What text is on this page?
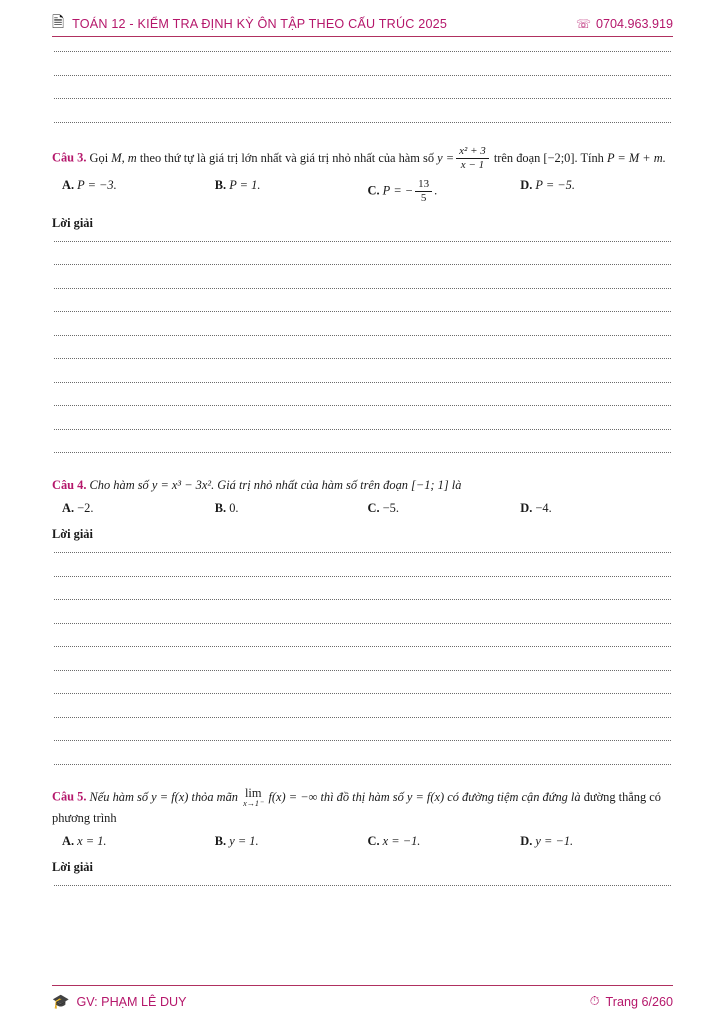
🗎 TOÁN 12 - KIỂM TRA ĐỊNH KỲ ÔN TẬP THEO CẤU TRÚC 2025	☏ 0704.963.919
Câu 3. Gọi M, m theo thứ tự là giá trị lớn nhất và giá trị nhỏ nhất của hàm số $y = \frac{\text{x² + 3}}{x - 1}$ trên đoạn [−2;0]. Tính P = M + m.
A. P = −3.	B. P = 1.	C. P = − $\frac{13}{5}$ .	D. P = −5.
Lời giải
Câu 4. Cho hàm số y = x³ − 3x². Giá trị nhỏ nhất của hàm số trên đoạn [−1; 1] là
A. −2.	B. 0.	C. −5.	D. −4.
Lời giải
Câu 5. Nếu hàm số y = f(x) thỏa mãn lim
x→1⁻
f(x) = −∞ thì đồ thị hàm số y = f(x) có đường tiệm cận đứng là đường thẳng có phương trình
A. x = 1.	B. y = 1.	C. x = −1.	D. y = −1.
Lời giải
🎓 GV: PHẠM LÊ DUY	⏱ Trang 6/260
